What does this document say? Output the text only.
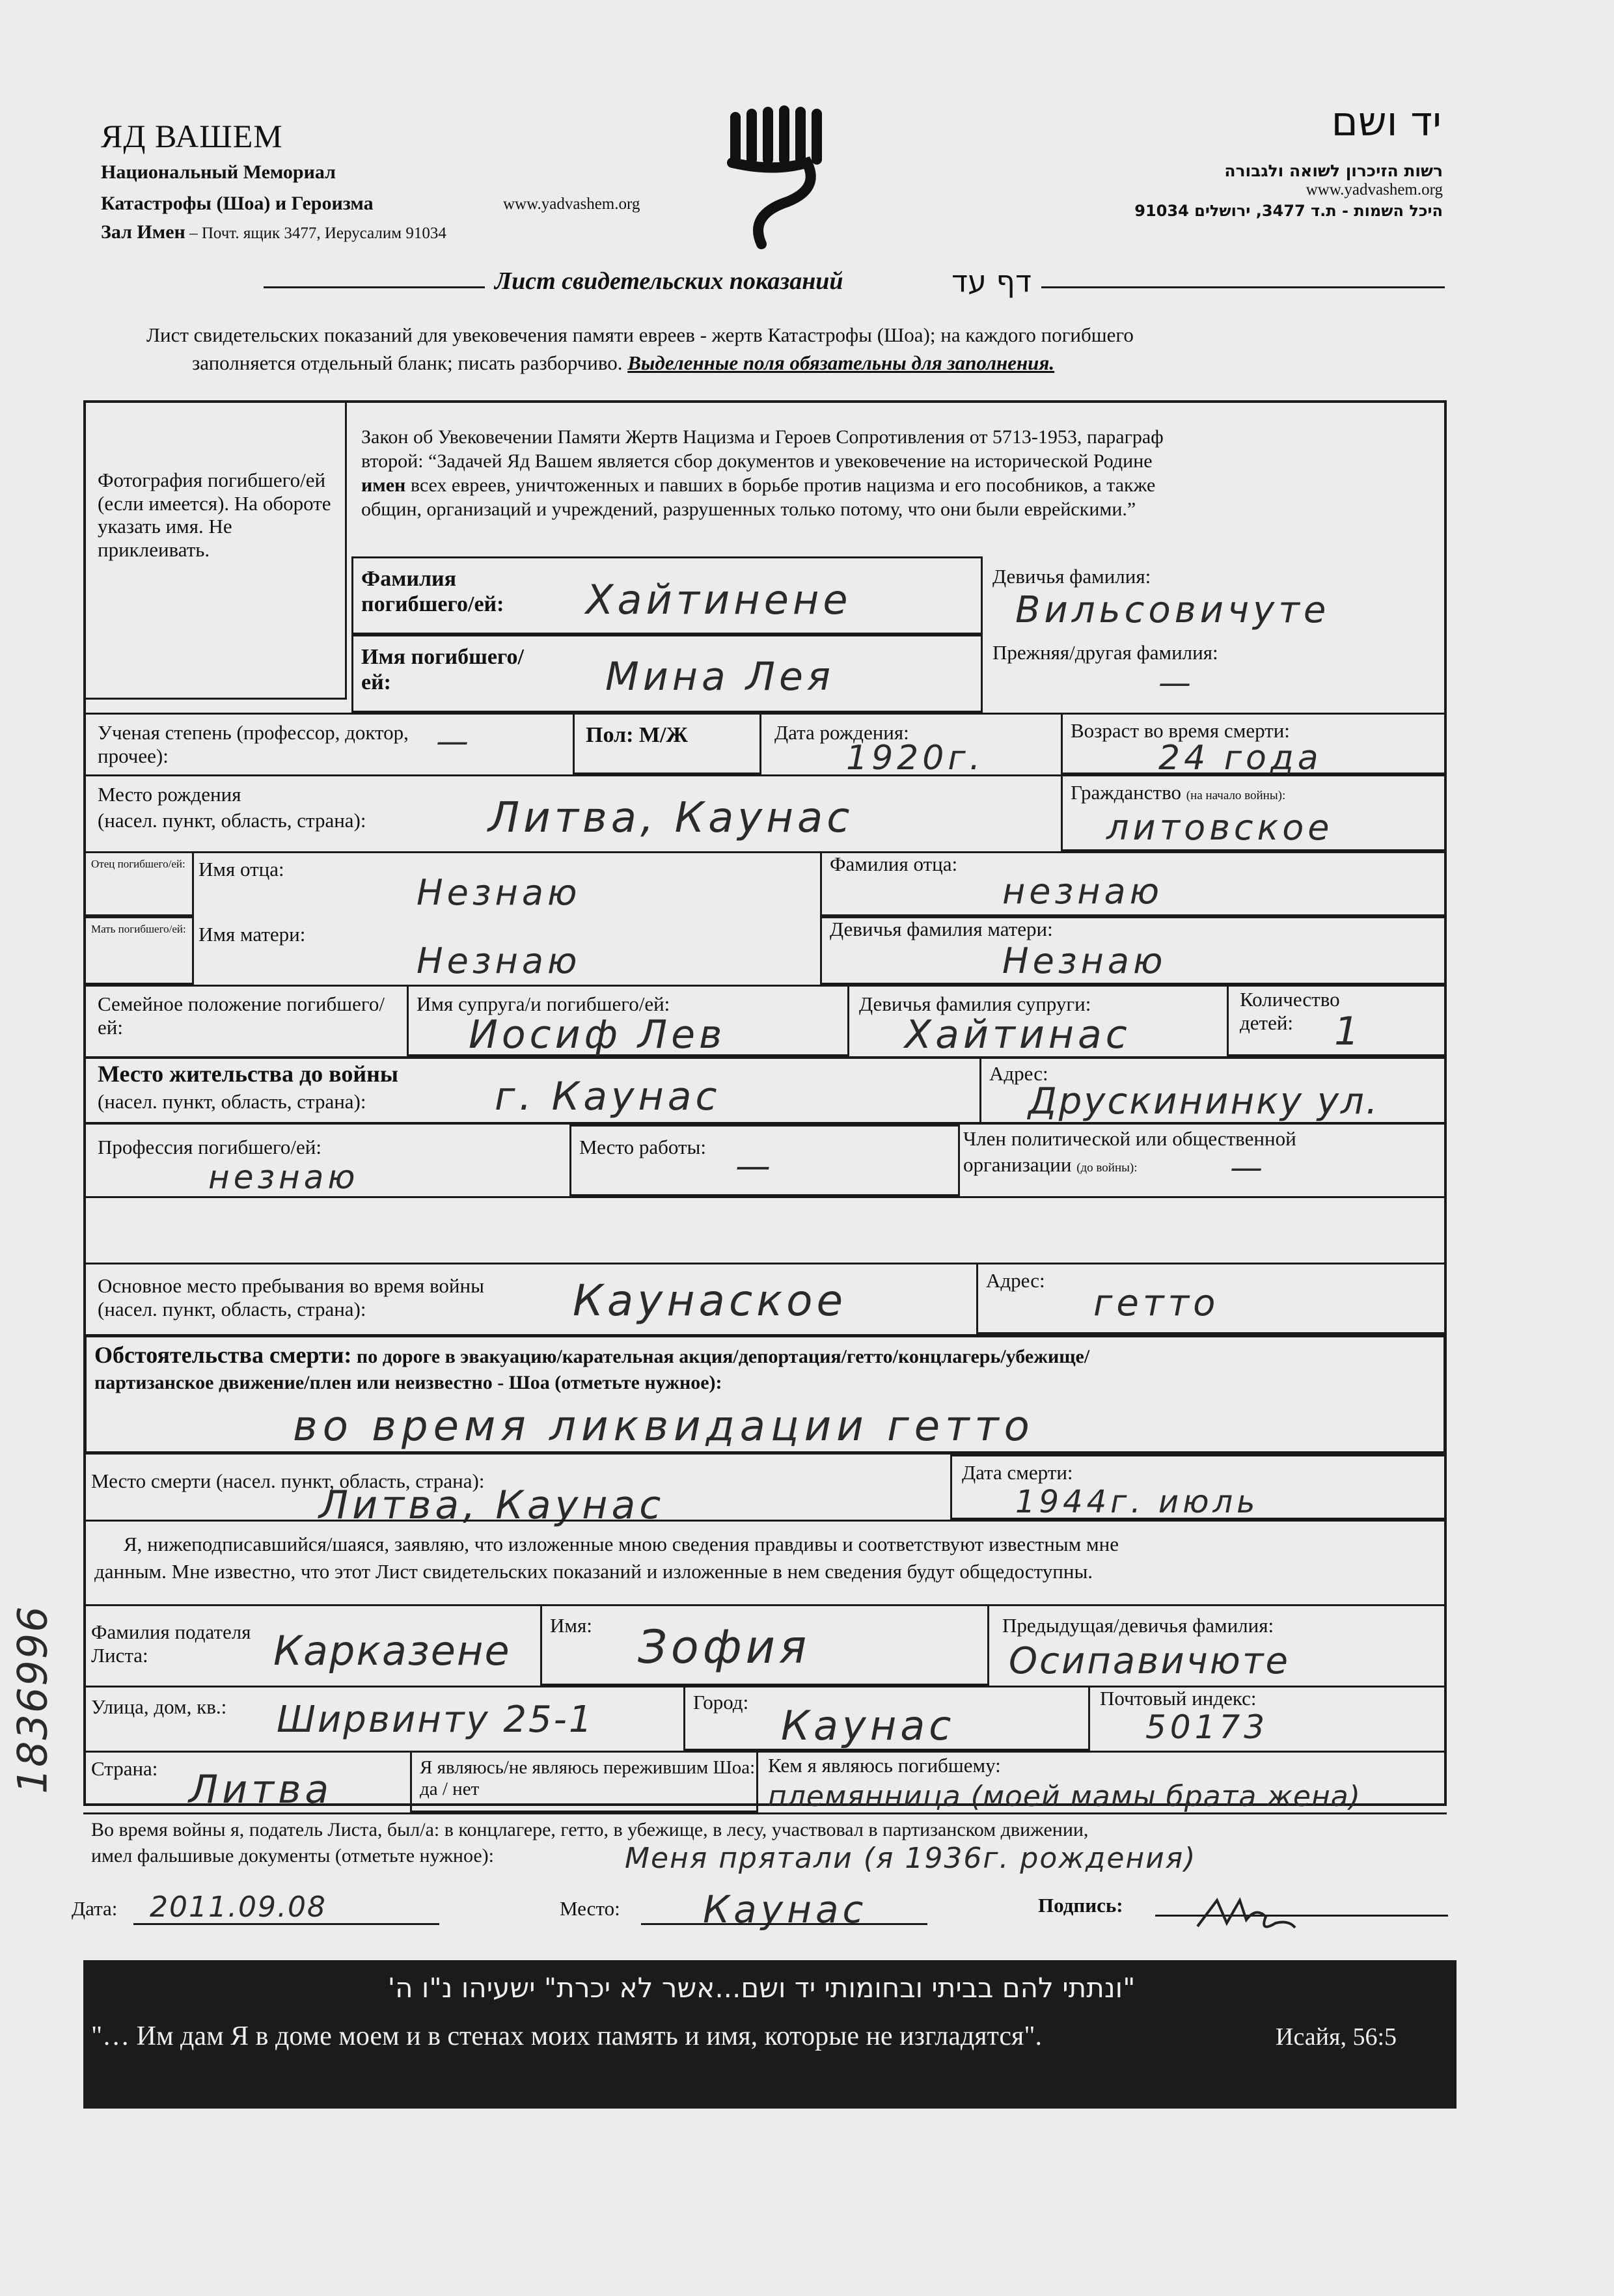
ЯД ВАШЕМ
Национальный Мемориал
Катастрофы (Шоа) и Героизма	www.yadvashem.org
Зал Имен – Почт. ящик 3477, Иерусалим 91034
יד ושם
רשות הזיכרון לשואה ולגבורה
www.yadvashem.org
היכל השמות - ת.ד 3477, ירושלים 91034
Лист свидетельских показаний	דף עד
Лист свидетельских показаний для увековечения памяти евреев - жертв Катастрофы (Шоа); на каждого погибшего
заполняется отдельный бланк; писать разборчиво. Выделенные поля обязательны для заполнения.
Фотография погибшего/ей (если имеется). На обороте указать имя. Не приклеивать.
Закон об Увековечении Памяти Жертв Нацизма и Героев Сопротивления от 5713-1953, параграф
второй: “Задачей Яд Вашем является сбор документов и увековечение на исторической Родине
имен всех евреев, уничтоженных и павших в борьбе против нацизма и его пособников, а также
общин, организаций и учреждений, разрушенных только потому, что они были еврейскими.”
Фамилия погибшего/ей:	Хайтинене	Девичья фамилия:
Вильсовичуте
Имя погибшего/ей:	Мина Лея
Прежняя/другая фамилия:
—
Ученая степень (профессор, доктор, прочее):	—	Пол: М/Ж	Дата рождения:
1920г.
Возраст во время смерти:
24 года
Место рождения
(насел. пункт, область, страна):	Литва, Каунас
Гражданство (на начало войны):
литовское
Отец погибшего/ей: Имя отца:
Незнаю
Фамилия отца:
незнаю
Мать погибшего/ей: Имя матери:
Незнаю
Девичья фамилия матери:
Незнаю
Семейное положение погибшего/ей:
Имя супруга/и погибшего/ей:
Иосиф Лев
Девичья фамилия супруги:
Хайтинас
Количество детей:	1
Место жительства до войны
(насел. пункт, область, страна):	г. Каунас
Адрес:
Друскининку ул.
Профессия погибшего/ей:
незнаю
Место работы: —
Член политической или общественной
организации (до войны):	—
Основное место пребывания во время войны (насел. пункт, область, страна):	Каунаское	Адрес:
гетто
Обстоятельства смерти: по дороге в эвакуацию/карательная акция/депортация/гетто/концлагерь/убежище/
партизанское движение/плен или неизвестно - Шоа (отметьте нужное):
во время ликвидации гетто
Место смерти (насел. пункт, область, страна):
Литва, Каунас
Дата смерти:
1944г. июль
Я, нижеподписавшийся/шаяся, заявляю, что изложенные мною сведения правдивы и соответствуют известным мне
данным. Мне известно, что этот Лист свидетельских показаний и изложенные в нем сведения будут общедоступны.
Фамилия подателя Листа:	Карказене
Имя: Зофия	Предыдущая/девичья фамилия:
Осипавичюте
Улица, дом, кв.: Ширвинту 25-1	Город: Каунас
Почтовый индекс:
50173
Страна: Литва	Я являюсь/не являюсь пережившим Шоа: да / нет
Кем я являюсь погибшему:
племянница (моей мамы брата жена)
Во время войны я, податель Листа, был/а: в концлагере, гетто, в убежище, в лесу, участвовал в партизанском движении,
имел фальшивые документы (отметьте нужное):	Меня прятали (я 1936г. рождения)
Дата: 2011.09.08	Место: Каунас	Подпись:
1836996
"ונתתי להם בביתי ובחומותי יד ושם...אשר לא יכרת" ישעיהו נ"ו ה'
"… Им дам Я в доме моем и в стенах моих память и имя, которые не изгладятся".	Исайя, 56:5
